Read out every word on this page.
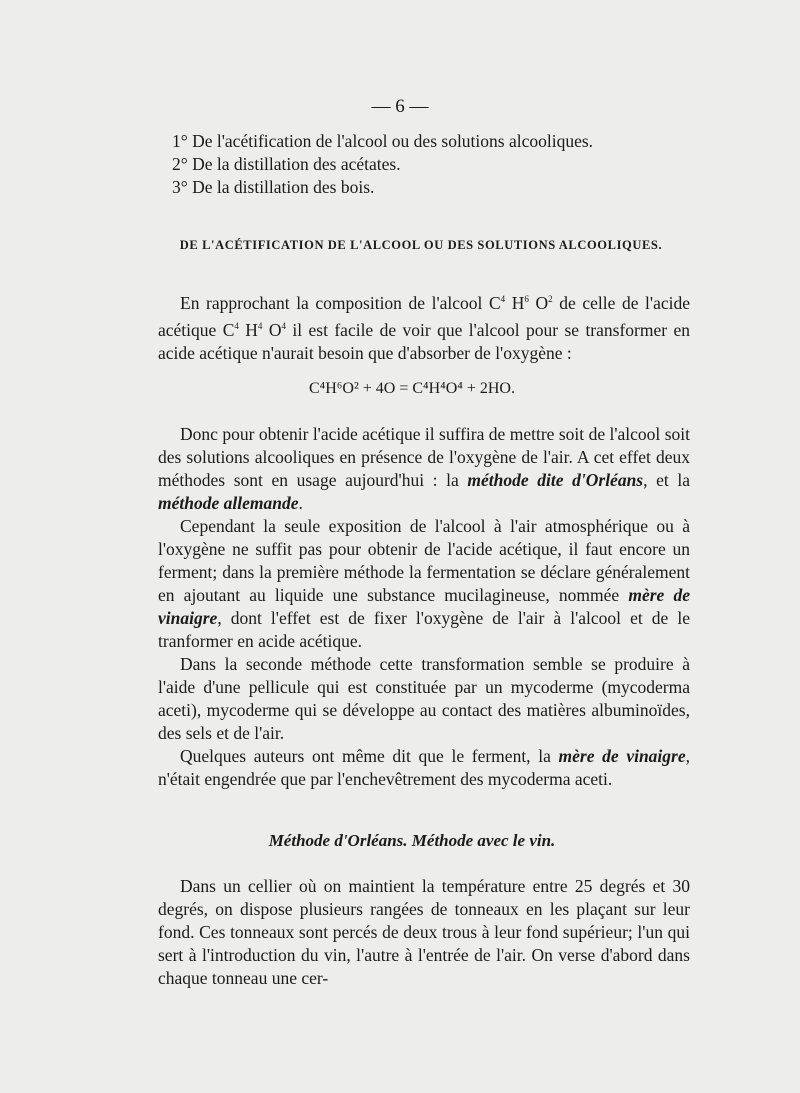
— 6 —
1° De l'acétification de l'alcool ou des solutions alcooliques.
2° De la distillation des acétates.
3° De la distillation des bois.
DE L'ACÉTIFICATION DE L'ALCOOL OU DES SOLUTIONS ALCOOLIQUES.

En rapprochant la composition de l'alcool $C^4$ $H^6$ $O^2$ de celle de l'acide acétique $C^4$ $H^4$ $O^4$ il est facile de voir que l'alcool pour se transformer en acide acétique n'aurait besoin que d'absorber de l'oxygène :

C⁴H⁶O² + 4O = C⁴H⁴O⁴ + 2HO.

Donc pour obtenir l'acide acétique il suffira de mettre soit de l'alcool soit des solutions alcooliques en présence de l'oxygène de l'air. A cet effet deux méthodes sont en usage aujourd'hui : la méthode dite d'Orléans, et la méthode allemande.

Cependant la seule exposition de l'alcool à l'air atmosphérique ou à l'oxygène ne suffit pas pour obtenir de l'acide acétique, il faut encore un ferment; dans la première méthode la fermentation se déclare généralement en ajoutant au liquide une substance mucilagineuse, nommée mère de vinaigre, dont l'effet est de fixer l'oxygène de l'air à l'alcool et de le tranformer en acide acétique.

Dans la seconde méthode cette transformation semble se produire à l'aide d'une pellicule qui est constituée par un mycoderme (mycoderma aceti), mycoderme qui se développe au contact des matières albuminoïdes, des sels et de l'air.

Quelques auteurs ont même dit que le ferment, la mère de vinaigre, n'était engendrée que par l'enchevêtrement des mycoderma aceti.

Méthode d'Orléans. Méthode avec le vin.

Dans un cellier où on maintient la température entre 25 degrés et 30 degrés, on dispose plusieurs rangées de tonneaux en les plaçant sur leur fond. Ces tonneaux sont percés de deux trous à leur fond supérieur; l'un qui sert à l'introduction du vin, l'autre à l'entrée de l'air. On verse d'abord dans chaque tonneau une cer-
